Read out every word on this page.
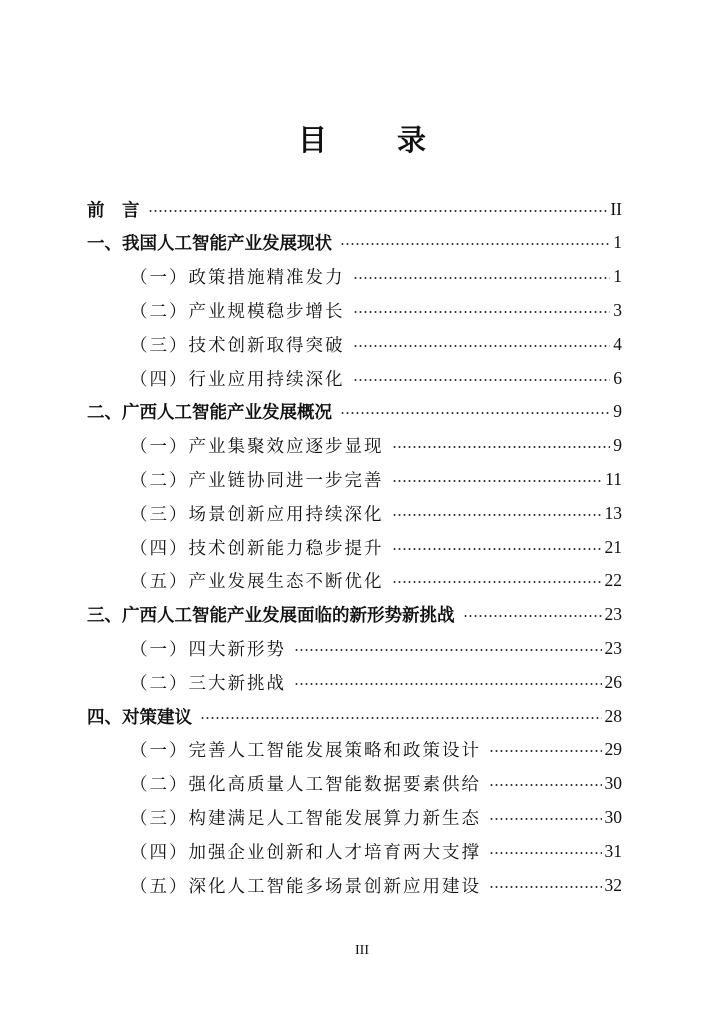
目 录
前　言	II
一、我国人工智能产业发展现状	1
（一）政策措施精准发力	1
（二）产业规模稳步增长	3
（三）技术创新取得突破	4
（四）行业应用持续深化	6
二、广西人工智能产业发展概况	9
（一）产业集聚效应逐步显现	9
（二）产业链协同进一步完善	11
（三）场景创新应用持续深化	13
（四）技术创新能力稳步提升	21
（五）产业发展生态不断优化	22
三、广西人工智能产业发展面临的新形势新挑战	23
（一）四大新形势	23
（二）三大新挑战	26
四、对策建议	28
（一）完善人工智能发展策略和政策设计	29
（二）强化高质量人工智能数据要素供给	30
（三）构建满足人工智能发展算力新生态	30
（四）加强企业创新和人才培育两大支撑	31
（五）深化人工智能多场景创新应用建设	32
III
